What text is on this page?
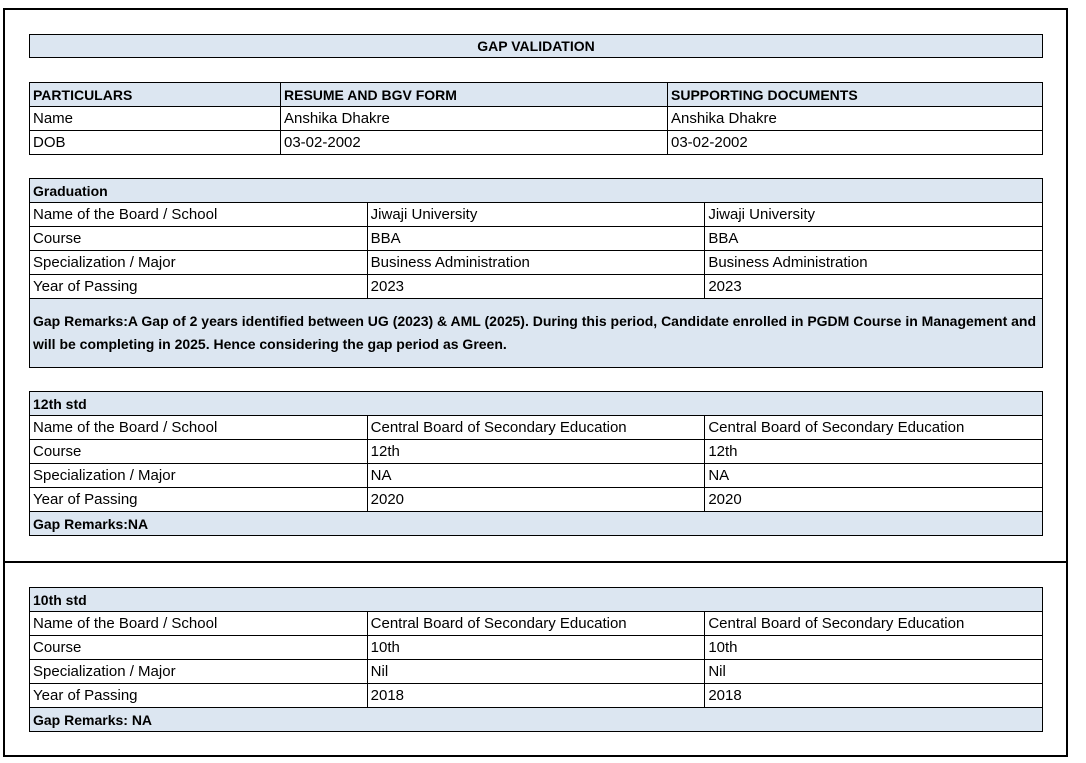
GAP VALIDATION
PARTICULARS	RESUME AND BGV FORM	SUPPORTING DOCUMENTS
Name	Anshika Dhakre	Anshika Dhakre
DOB	03-02-2002	03-02-2002
Graduation		
Name of the Board / School	Jiwaji University	Jiwaji University
Course	BBA	BBA
Specialization / Major	Business Administration	Business Administration
Year of Passing	2023	2023
Gap Remarks:A Gap of 2 years identified between UG (2023) & AML (2025). During this period, Candidate enrolled in PGDM Course in Management and will be completing in 2025. Hence considering the gap period as Green.		
12th std		
Name of the Board / School	Central Board of Secondary Education	Central Board of Secondary Education
Course	12th	12th
Specialization / Major	NA	NA
Year of Passing	2020	2020
Gap Remarks:NA		
10th std		
Name of the Board / School	Central Board of Secondary Education	Central Board of Secondary Education
Course	10th	10th
Specialization / Major	Nil	Nil
Year of Passing	2018	2018
Gap Remarks: NA		
